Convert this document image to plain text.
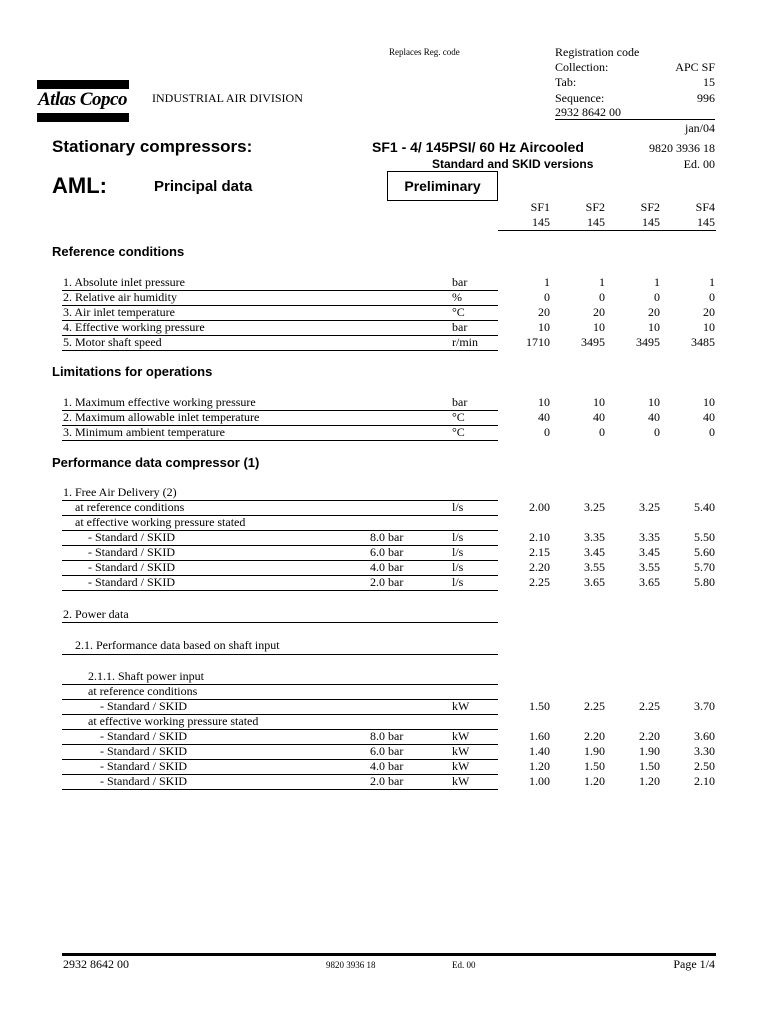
Replaces Reg. code	Registration code
Collection:	APC SF
Tab:	15
Sequence:	996
2932 8642 00
jan/04
Atlas Copco INDUSTRIAL AIR DIVISION
Stationary compressors:	SF1 - 4/ 145PSI/ 60 Hz Aircooled
Standard and SKID versions
9820 3936 18
Ed. 00
AML:	Principal data	Preliminary
SF1	SF2	SF2	SF4
145	145	145	145
Reference conditions
1. Absolute inlet pressure	bar	1	1	1	1
2. Relative air humidity	%	0	0	0	0
3. Air inlet temperature	°C	20	20	20	20
4. Effective working pressure	bar	10	10	10	10
5. Motor shaft speed	r/min	1710	3495	3495	3485
Limitations for operations
1. Maximum effective working pressure	bar	10	10	10	10
2. Maximum allowable inlet temperature	°C	40	40	40	40
3. Minimum ambient temperature	°C	0	0	0	0
Performance data compressor (1)
1. Free Air Delivery (2)
at reference conditions	l/s	2.00	3.25	3.25	5.40
at effective working pressure stated
- Standard / SKID	8.0 bar	l/s	2.10	3.35	3.35	5.50
- Standard / SKID	6.0 bar	l/s	2.15	3.45	3.45	5.60
- Standard / SKID	4.0 bar	l/s	2.20	3.55	3.55	5.70
- Standard / SKID	2.0 bar	l/s	2.25	3.65	3.65	5.80
2. Power data
2.1. Performance data based on shaft input
2.1.1. Shaft power input
at reference conditions
- Standard / SKID	kW	1.50	2.25	2.25	3.70
at effective working pressure stated
- Standard / SKID	8.0 bar	kW	1.60	2.20	2.20	3.60
- Standard / SKID	6.0 bar	kW	1.40	1.90	1.90	3.30
- Standard / SKID	4.0 bar	kW	1.20	1.50	1.50	2.50
- Standard / SKID	2.0 bar	kW	1.00	1.20	1.20	2.10
2932 8642 00	9820 3936 18	Ed. 00	Page 1/4
